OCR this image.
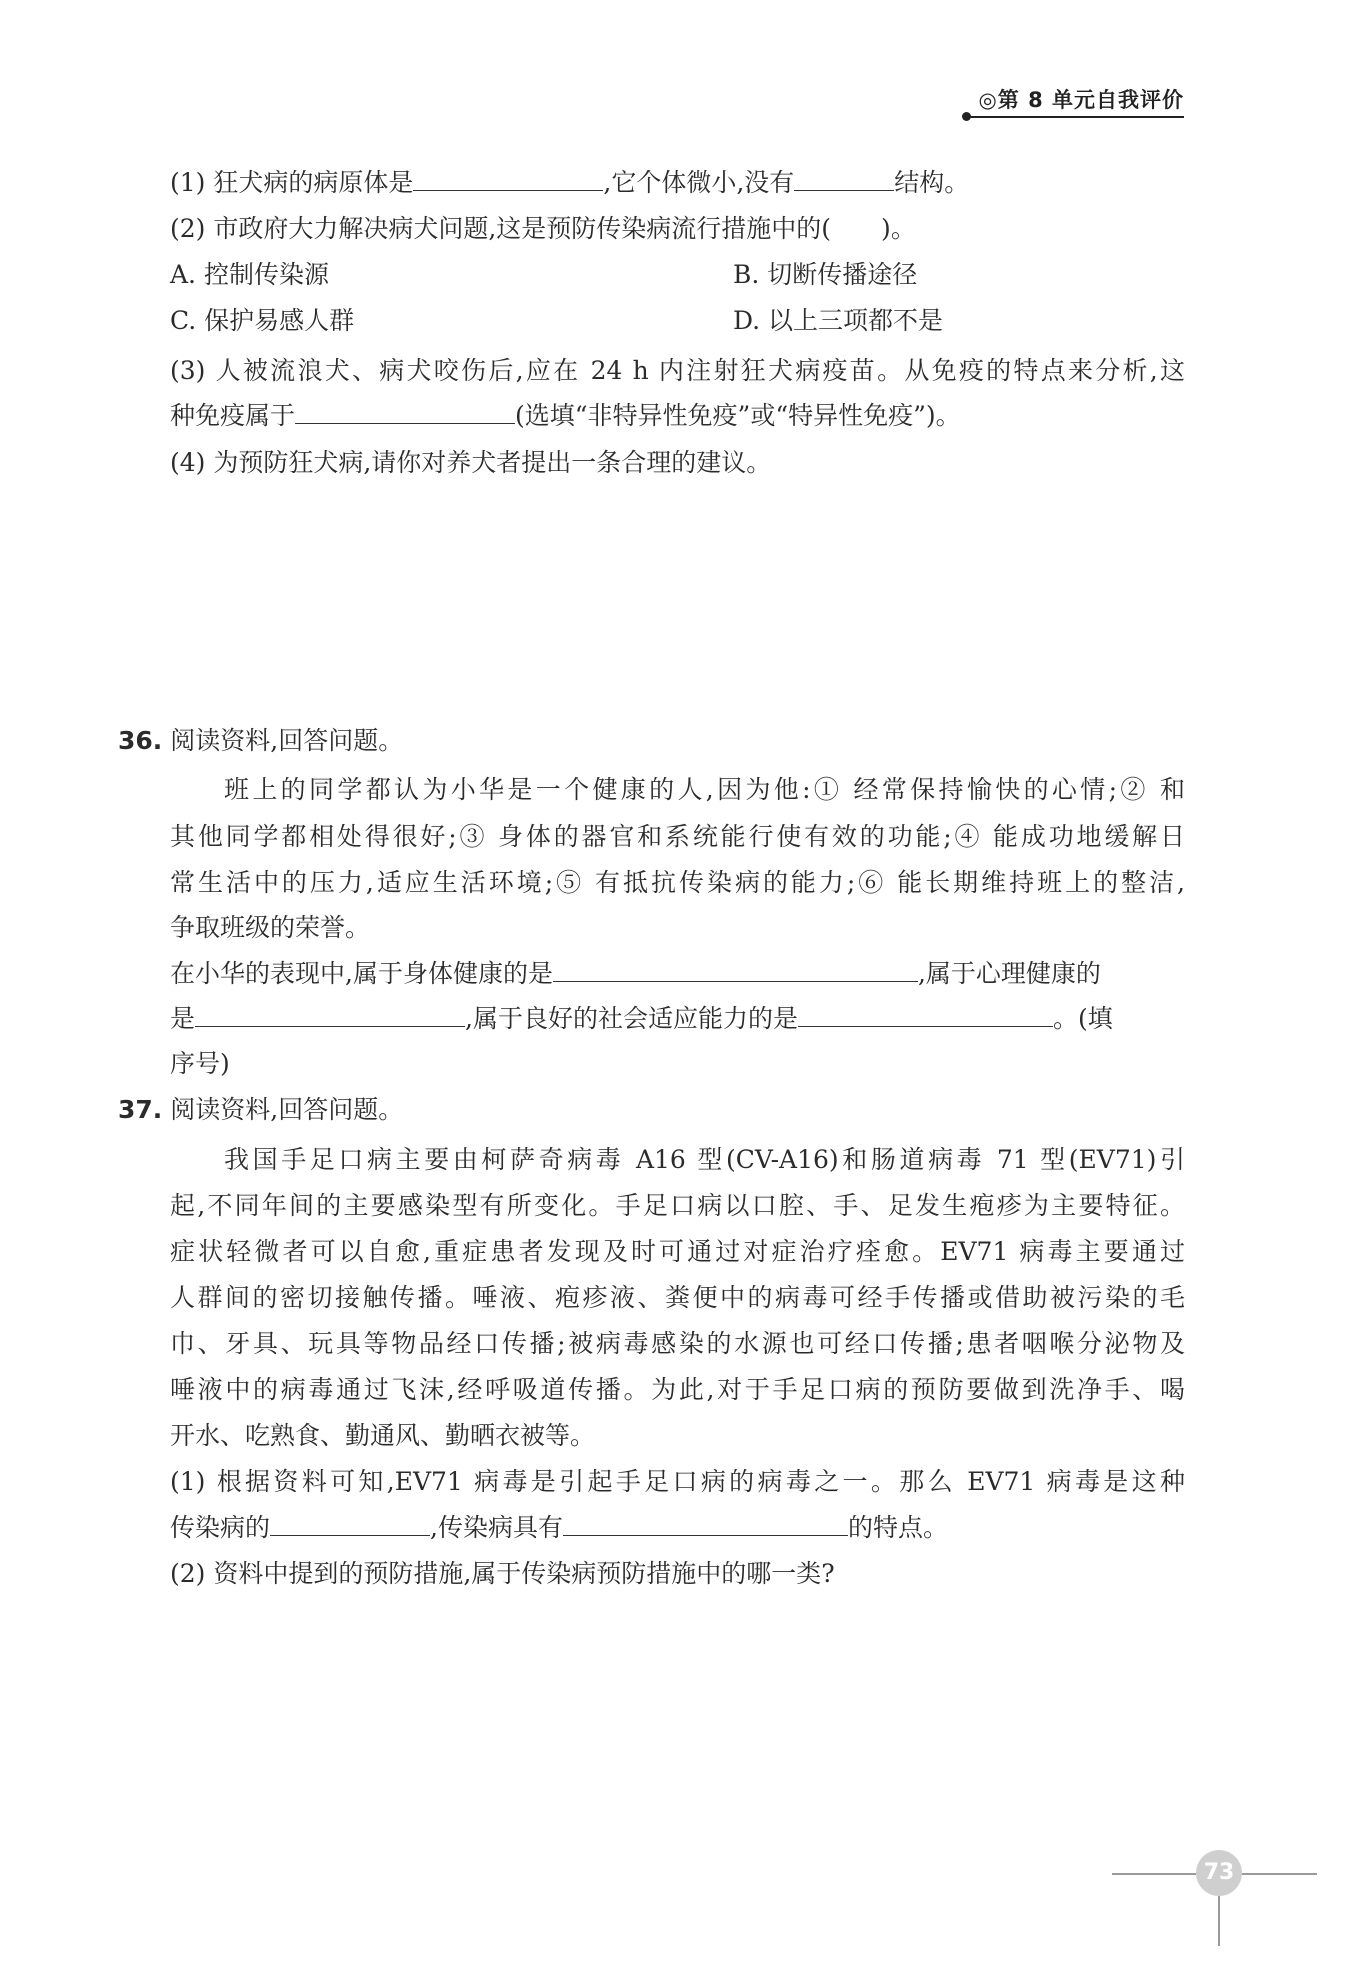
◎第 8 单元自我评价
(1) 狂犬病的病原体是	,它个体微小,没有	结构。
(2) 市政府大力解决病犬问题,这是预防传染病流行措施中的(　　)。
A. 控制传染源	B. 切断传播途径
C. 保护易感人群	D. 以上三项都不是
(3) 人被流浪犬、病犬咬伤后,应在 24 h 内注射狂犬病疫苗。从免疫的特点来分析,这
种免疫属于	(选填“非特异性免疫”或“特异性免疫”)。
(4) 为预防狂犬病,请你对养犬者提出一条合理的建议。
36. 阅读资料,回答问题。
班上的同学都认为小华是一个健康的人,因为他:① 经常保持愉快的心情;② 和
其他同学都相处得很好;③ 身体的器官和系统能行使有效的功能;④ 能成功地缓解日
常生活中的压力,适应生活环境;⑤ 有抵抗传染病的能力;⑥ 能长期维持班上的整洁,
争取班级的荣誉。
在小华的表现中,属于身体健康的是	,属于心理健康的
是	,属于良好的社会适应能力的是	。(填
序号)
37. 阅读资料,回答问题。
我国手足口病主要由柯萨奇病毒 A16 型(CV-A16)和肠道病毒 71 型(EV71)引
起,不同年间的主要感染型有所变化。手足口病以口腔、手、足发生疱疹为主要特征。
症状轻微者可以自愈,重症患者发现及时可通过对症治疗痊愈。EV71 病毒主要通过
人群间的密切接触传播。唾液、疱疹液、粪便中的病毒可经手传播或借助被污染的毛
巾、牙具、玩具等物品经口传播;被病毒感染的水源也可经口传播;患者咽喉分泌物及
唾液中的病毒通过飞沫,经呼吸道传播。为此,对于手足口病的预防要做到洗净手、喝
开水、吃熟食、勤通风、勤晒衣被等。
(1) 根据资料可知,EV71 病毒是引起手足口病的病毒之一。那么 EV71 病毒是这种
传染病的	,传染病具有	的特点。
(2) 资料中提到的预防措施,属于传染病预防措施中的哪一类?
73
